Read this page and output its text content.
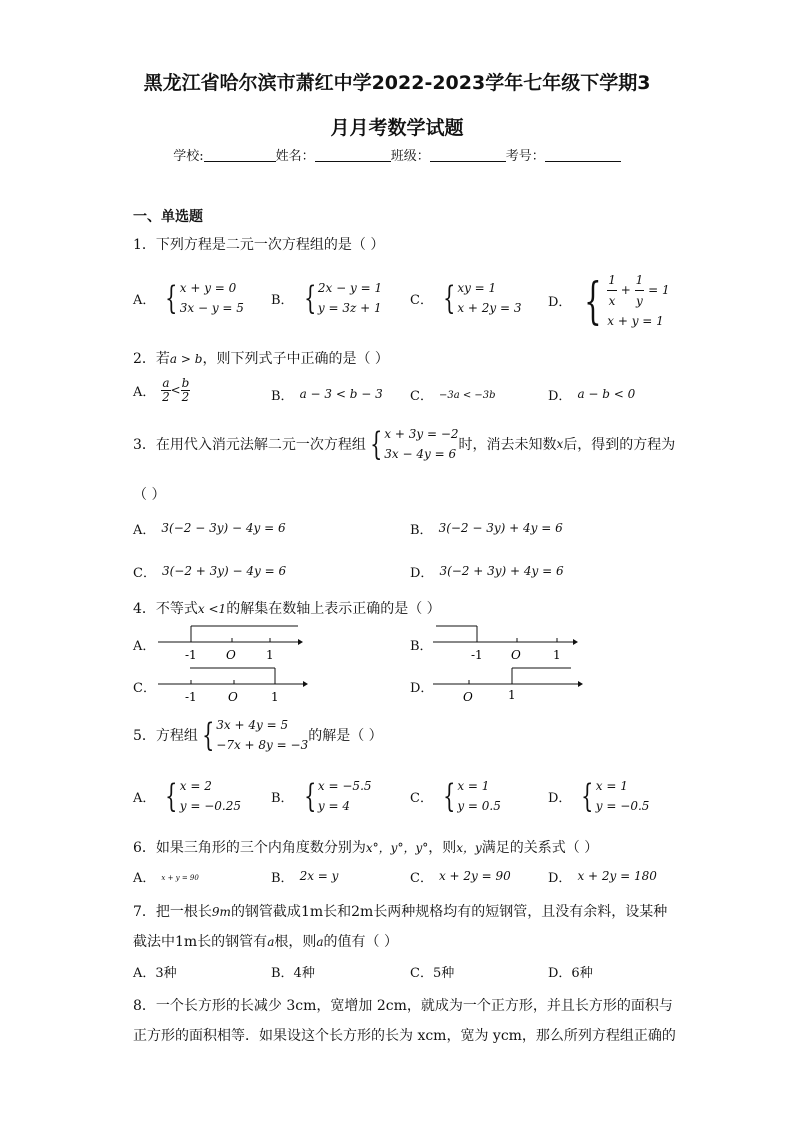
黑龙江省哈尔滨市萧红中学2022-2023学年七年级下学期3
月月考数学试题
学校:	姓名：	班级：	考号：
一、单选题
1．下列方程是二元一次方程组的是（ ）
A． { x + y = 0
3x − y = 5
B． { 2x − y = 1
y = 3z + 1
C． { xy = 1
x + 2y = 3 D． { $\frac{1}{x} + \frac{1}{y} = 1$
x + y = 1
2．若a > b，则下列式子中正确的是（ ）
A． $\frac{a}{2} < \frac{b}{2}$	B． a − 3 < b − 3 C． −3a < −3b	D． a − b < 0
3．在用代入消元法解二元一次方程组 { x + 3y = −2
3x − 4y = 6
时，消去未知数x后，得到的方程为
（ ）
A． 3(−2 − 3y) − 4y = 6	B． 3(−2 − 3y) + 4y = 6
C． 3(−2 + 3y) − 4y = 6	D． 3(−2 + 3y) + 4y = 6
4．不等式x <1的解集在数轴上表示正确的是（ ）
A．
-1 O	1
B．
-1 O	1
C．
-1	O	1
D．
O	1
5．方程组 { 3x + 4y = 5
−7x + 8y = −3
的解是（ ）
A． { x = 2
y = −0.25
B． { x = −5.5
y = 4
C． { x = 1
y = 0.5
D． { x = 1
y = −0.5
6．如果三角形的三个内角度数分别为x°，y°，y°，则x，y满足的关系式（ ）
A． x + y = 90	B． 2x = y	C． x + 2y = 90	D． x + 2y = 180
7．把一根长9m的钢管截成1m长和2m长两种规格均有的短钢管，且没有余料，设某种
截法中1m长的钢管有a根，则a的值有（ ）
A．3种	B．4种	C．5种	D．6种
8．一个长方形的长减少 3cm，宽增加 2cm，就成为一个正方形，并且长方形的面积与
正方形的面积相等．如果设这个长方形的长为 xcm，宽为 ycm，那么所列方程组正确的
